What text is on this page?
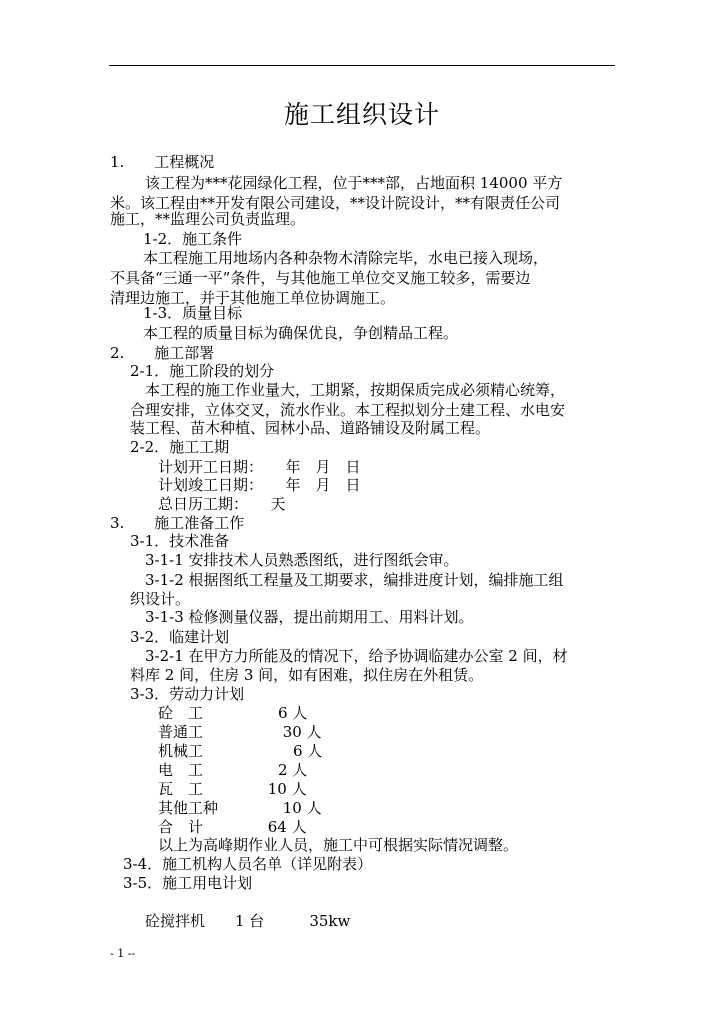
施工组织设计
1.　　工程概况
该工程为***花园绿化工程，位于***部，占地面积 14000 平方
米。该工程由**开发有限公司建设，**设计院设计，**有限责任公司
施工，**监理公司负责监理。
1-2．施工条件
本工程施工用地场内各种杂物木清除完毕，水电已接入现场，
不具备“三通一平”条件，与其他施工单位交叉施工较多，需要边
清理边施工，并于其他施工单位协调施工。
1-3．质量目标
本工程的质量目标为确保优良，争创精品工程。
2.　　施工部署
2-1．施工阶段的划分
本工程的施工作业量大，工期紧，按期保质完成必须精心统筹，
合理安排，立体交叉，流水作业。本工程拟划分土建工程、水电安
装工程、苗木种植、园林小品、道路铺设及附属工程。
2-2．施工工期
计划开工日期：　　年　月　日
计划竣工日期：　　年　月　日
总日历工期：　　天
3.　　施工准备工作
3-1．技术准备
3-1-1 安排技术人员熟悉图纸，进行图纸会审。
3-1-2 根据图纸工程量及工期要求，编排进度计划，编排施工组
织设计。
3-1-3 检修测量仪器，提出前期用工、用料计划。
3-2．临建计划
3-2-1 在甲方力所能及的情况下，给予协调临建办公室 2 间，材
料库 2 间，住房 3 间，如有困难，拟住房在外租赁。
3-3．劳动力计划
砼　工　　　　　6 人
普通工　　　　　 30 人
机械工　　　　　　6 人
电　工　　　　　2 人
瓦　工　　　　 10 人
其他工种　　　　 10 人
合　计　　　　 64 人
以上为高峰期作业人员，施工中可根据实际情况调整。
3-4．施工机构人员名单（详见附表）
3-5．施工用电计划
砼搅拌机　　1 台　　　35kw
- 1 --
